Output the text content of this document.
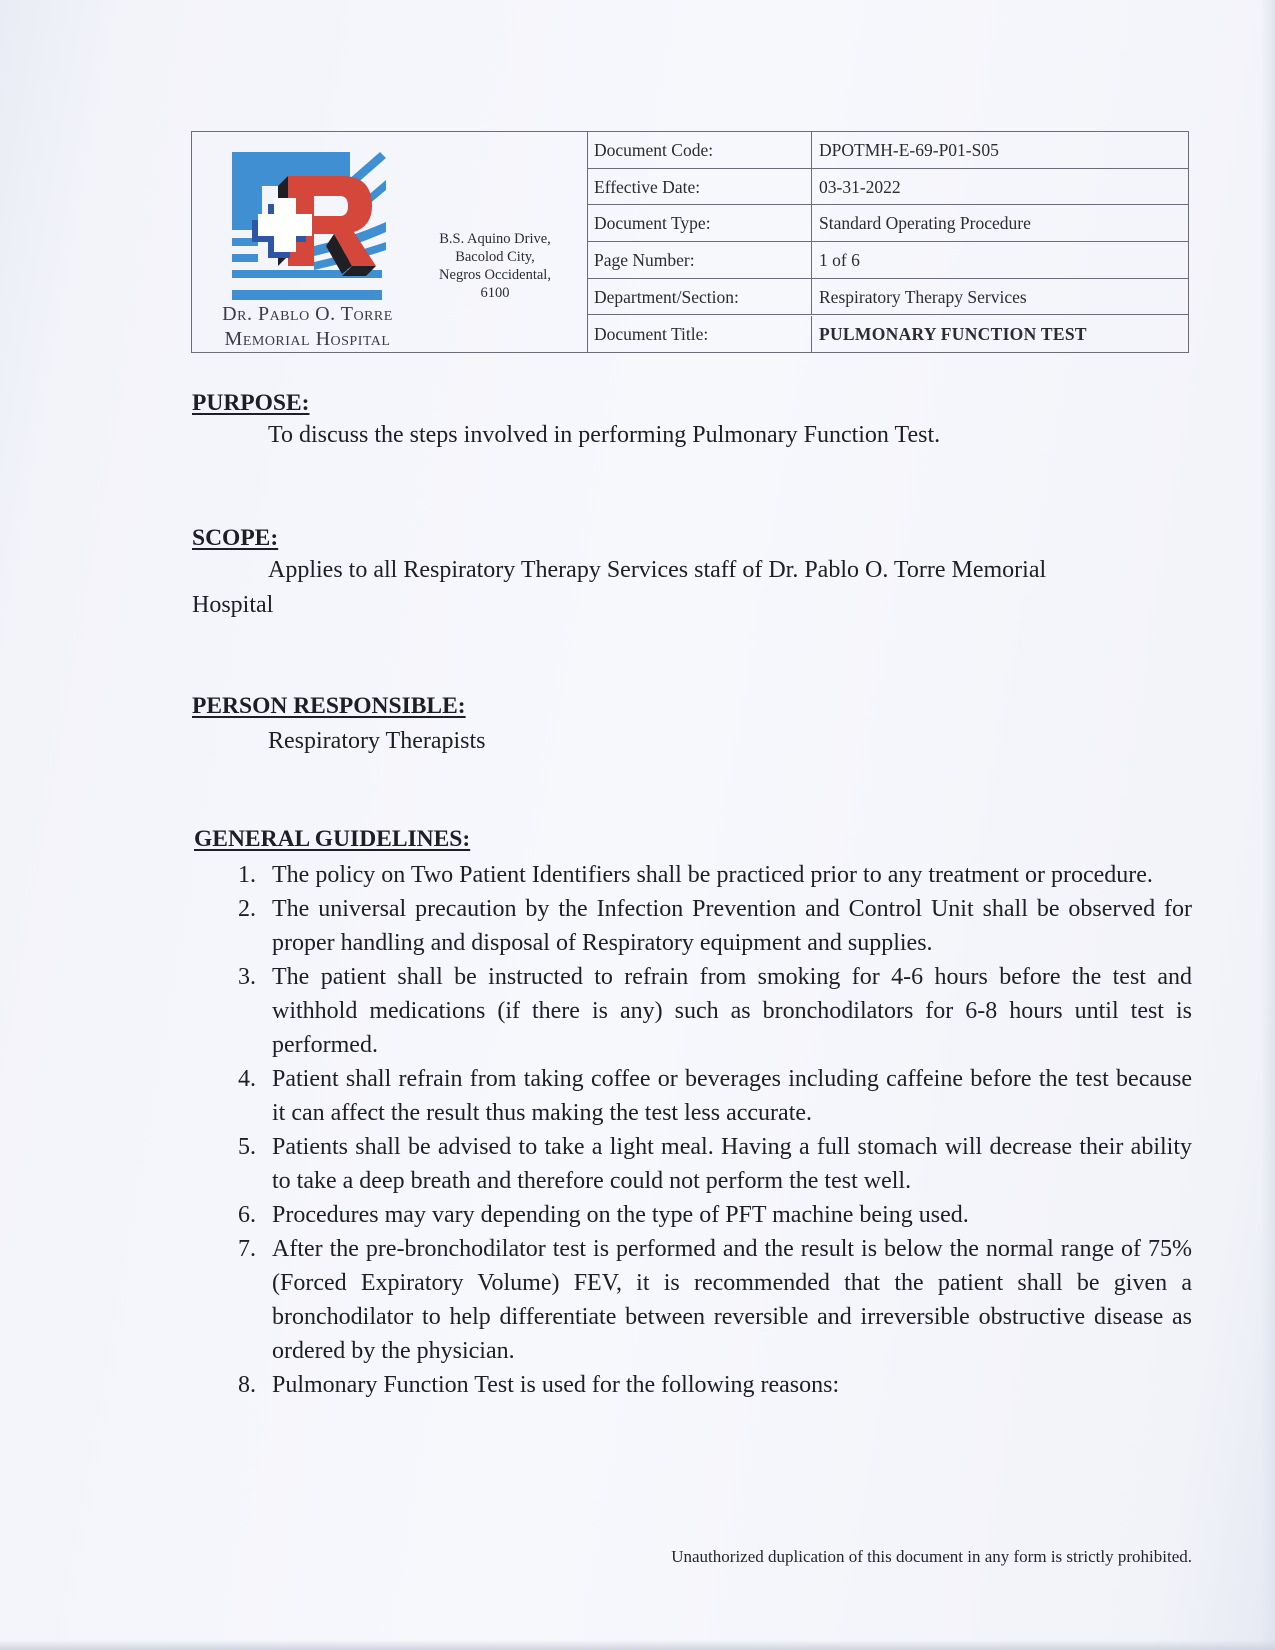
Dr. Pablo O. Torre
Memorial Hospital
B.S. Aquino Drive,
Bacolod City,
Negros Occidental,
6100
Document Code:	DPOTMH-E-69-P01-S05
Effective Date:	03-31-2022
Document Type:	Standard Operating Procedure
Page Number:	1 of 6
Department/Section:	Respiratory Therapy Services
Document Title:	PULMONARY FUNCTION TEST
PURPOSE:
To discuss the steps involved in performing Pulmonary Function Test.
SCOPE:
Applies to all Respiratory Therapy Services staff of Dr. Pablo O. Torre Memorial
Hospital
PERSON RESPONSIBLE:
Respiratory Therapists
GENERAL GUIDELINES:
1. The policy on Two Patient Identifiers shall be practiced prior to any treatment or procedure.
2. The universal precaution by the Infection Prevention and Control Unit shall be observed for proper handling and disposal of Respiratory equipment and supplies.
3. The patient shall be instructed to refrain from smoking for 4-6 hours before the test and withhold medications (if there is any) such as bronchodilators for 6-8 hours until test is performed.
4. Patient shall refrain from taking coffee or beverages including caffeine before the test because it can affect the result thus making the test less accurate.
5. Patients shall be advised to take a light meal. Having a full stomach will decrease their ability to take a deep breath and therefore could not perform the test well.
6. Procedures may vary depending on the type of PFT machine being used.
7. After the pre-bronchodilator test is performed and the result is below the normal range of 75% (Forced Expiratory Volume) FEV, it is recommended that the patient shall be given a bronchodilator to help differentiate between reversible and irreversible obstructive disease as ordered by the physician.
8. Pulmonary Function Test is used for the following reasons:
Unauthorized duplication of this document in any form is strictly prohibited.
